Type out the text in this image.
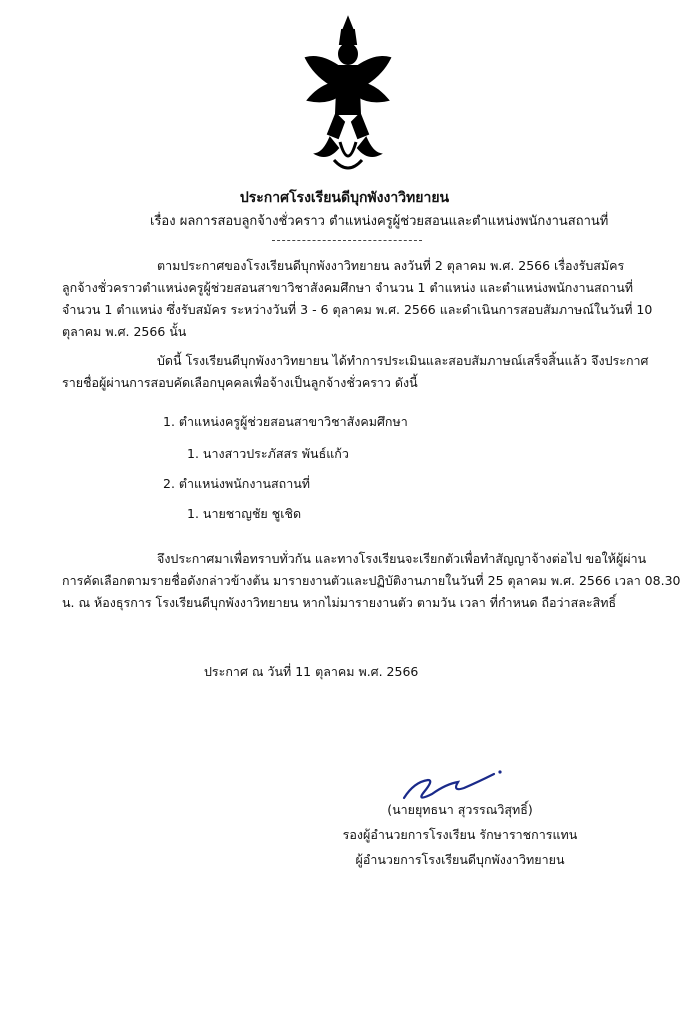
ประกาศโรงเรียนดีบุกพังงาวิทยายน
เรื่อง ผลการสอบลูกจ้างชั่วคราว ตำแหน่งครูผู้ช่วยสอนและตำแหน่งพนักงานสถานที่
ตามประกาศของโรงเรียนดีบุกพังงาวิทยายน ลงวันที่ 2 ตุลาคม พ.ศ. 2566 เรื่องรับสมัคร
ลูกจ้างชั่วคราวตำแหน่งครูผู้ช่วยสอนสาขาวิชาสังคมศึกษา จำนวน 1 ตำแหน่ง และตำแหน่งพนักงานสถานที่
จำนวน 1 ตำแหน่ง ซึ่งรับสมัคร ระหว่างวันที่ 3 - 6 ตุลาคม พ.ศ. 2566 และดำเนินการสอบสัมภาษณ์ในวันที่ 10
ตุลาคม พ.ศ. 2566 นั้น
บัดนี้ โรงเรียนดีบุกพังงาวิทยายน ได้ทำการประเมินและสอบสัมภาษณ์เสร็จสิ้นแล้ว จึงประกาศ
รายชื่อผู้ผ่านการสอบคัดเลือกบุคคลเพื่อจ้างเป็นลูกจ้างชั่วคราว ดังนี้
1. ตำแหน่งครูผู้ช่วยสอนสาขาวิชาสังคมศึกษา
1. นางสาวประภัสสร พันธ์แก้ว
2. ตำแหน่งพนักงานสถานที่
1. นายชาญชัย ชูเชิด
จึงประกาศมาเพื่อทราบทั่วกัน และทางโรงเรียนจะเรียกตัวเพื่อทำสัญญาจ้างต่อไป ขอให้ผู้ผ่าน
การคัดเลือกตามรายชื่อดังกล่าวข้างต้น มารายงานตัวและปฏิบัติงานภายในวันที่ 25 ตุลาคม พ.ศ. 2566 เวลา 08.30
น. ณ ห้องธุรการ โรงเรียนดีบุกพังงาวิทยายน หากไม่มารายงานตัว ตามวัน เวลา ที่กำหนด ถือว่าสละสิทธิ์
ประกาศ ณ วันที่ 11 ตุลาคม พ.ศ. 2566
(นายยุทธนา สุวรรณวิสุทธิ์)
รองผู้อำนวยการโรงเรียน รักษาราชการแทน
ผู้อำนวยการโรงเรียนดีบุกพังงาวิทยายน
